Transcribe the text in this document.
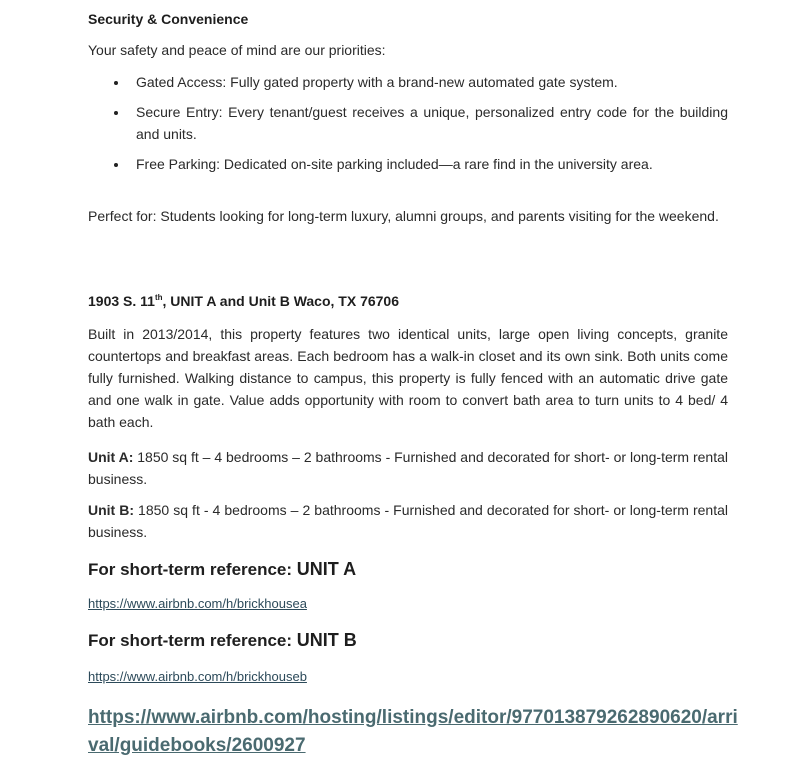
Security & Convenience

Your safety and peace of mind are our priorities:

Gated Access: Fully gated property with a brand-new automated gate system.
Secure Entry: Every tenant/guest receives a unique, personalized entry code for the building and units.
Free Parking: Dedicated on-site parking included—a rare find in the university area.

Perfect for: Students looking for long-term luxury, alumni groups, and parents visiting for the weekend.

1903 S. 11th, UNIT A and Unit B Waco, TX 76706

Built in 2013/2014, this property features two identical units, large open living concepts, granite countertops and breakfast areas. Each bedroom has a walk-in closet and its own sink. Both units come fully furnished. Walking distance to campus, this property is fully fenced with an automatic drive gate and one walk in gate. Value adds opportunity with room to convert bath area to turn units to 4 bed/ 4 bath each.

Unit A: 1850 sq ft – 4 bedrooms – 2 bathrooms - Furnished and decorated for short- or long-term rental business.

Unit B: 1850 sq ft - 4 bedrooms – 2 bathrooms - Furnished and decorated for short- or long-term rental business.

For short-term reference: UNIT A

https://www.airbnb.com/h/brickhousea

For short-term reference: UNIT B

https://www.airbnb.com/h/brickhouseb
https://www.airbnb.com/hosting/listings/editor/977013879262890620/arrival/guidebooks/2600927
